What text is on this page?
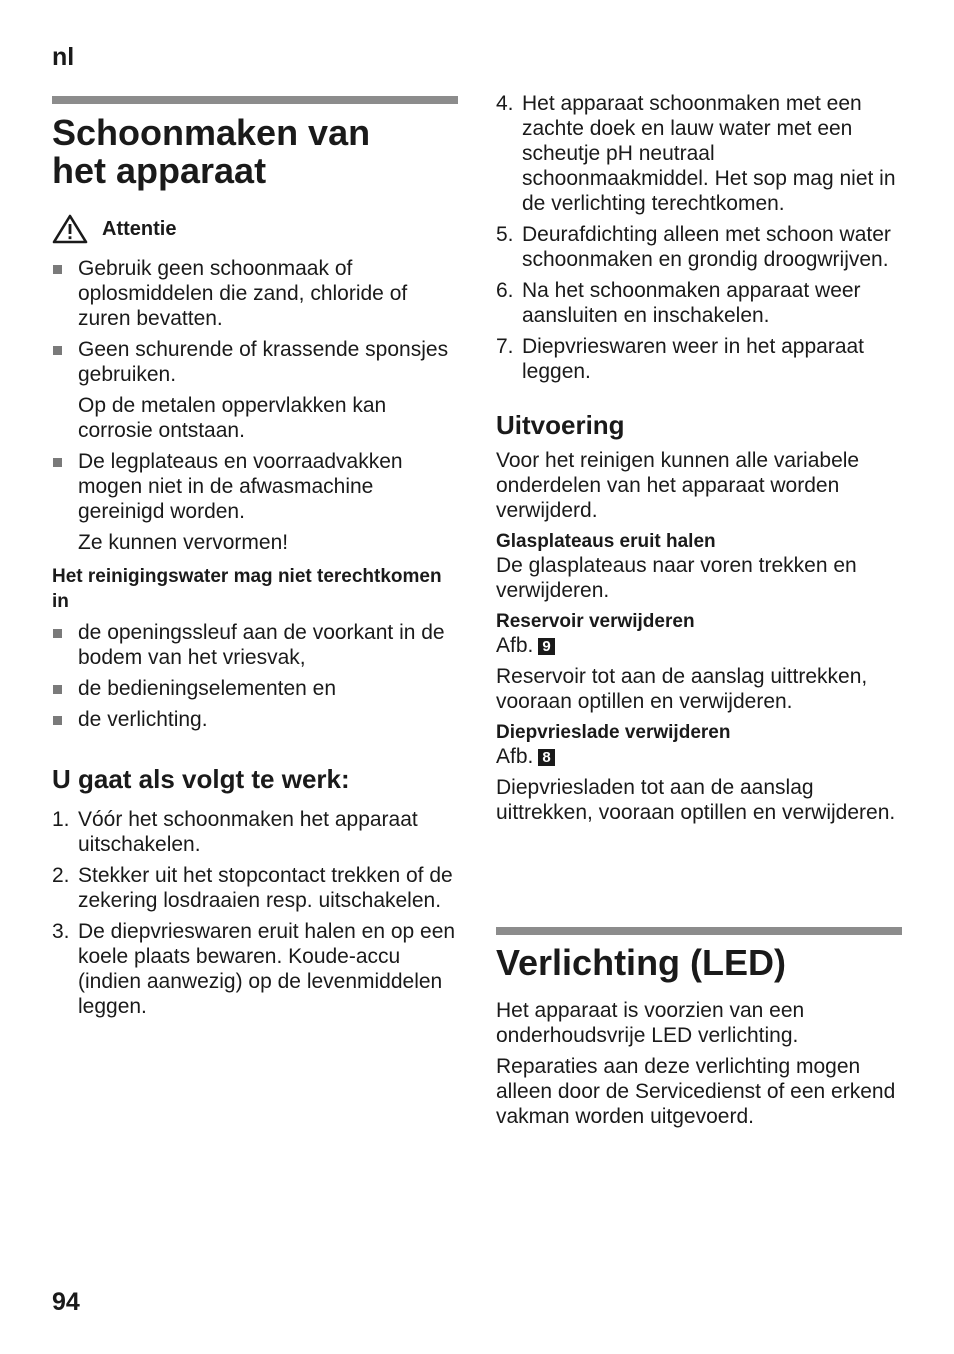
nl
Schoonmaken van
het apparaat
Attentie
Gebruik geen schoonmaak of oplosmiddelen die zand, chloride of zuren bevatten.
Geen schurende of krassende sponsjes gebruiken.
Op de metalen oppervlakken kan corrosie ontstaan.
De legplateaus en voorraadvakken mogen niet in de afwasmachine gereinigd worden.
Ze kunnen vervormen!
Het reinigingswater mag niet terechtkomen in
de openingssleuf aan de voorkant in de bodem van het vriesvak,
de bedieningselementen en
de verlichting.
U gaat als volgt te werk:
1. Vóór het schoonmaken het apparaat uitschakelen.
2. Stekker uit het stopcontact trekken of de zekering losdraaien resp. uitschakelen.
3. De diepvrieswaren eruit halen en op een koele plaats bewaren. Koude-accu (indien aanwezig) op de levenmiddelen leggen.
4. Het apparaat schoonmaken met een zachte doek en lauw water met een scheutje pH neutraal schoonmaakmiddel. Het sop mag niet in de verlichting terechtkomen.
5. Deurafdichting alleen met schoon water schoonmaken en grondig droogwrijven.
6. Na het schoonmaken apparaat weer aansluiten en inschakelen.
7. Diepvrieswaren weer in het apparaat leggen.
Uitvoering

Voor het reinigen kunnen alle variabele onderdelen van het apparaat worden verwijderd.

Glasplateaus eruit halen

De glasplateaus naar voren trekken en verwijderen.

Reservoir verwijderen

Afb. 9

Reservoir tot aan de aanslag uittrekken, vooraan optillen en verwijderen.

Diepvrieslade verwijderen

Afb. 8

Diepvriesladen tot aan de aanslag uittrekken, vooraan optillen en verwijderen.

Verlichting (LED)

Het apparaat is voorzien van een onderhoudsvrije LED verlichting.

Reparaties aan deze verlichting mogen alleen door de Servicedienst of een erkend vakman worden uitgevoerd.

94
